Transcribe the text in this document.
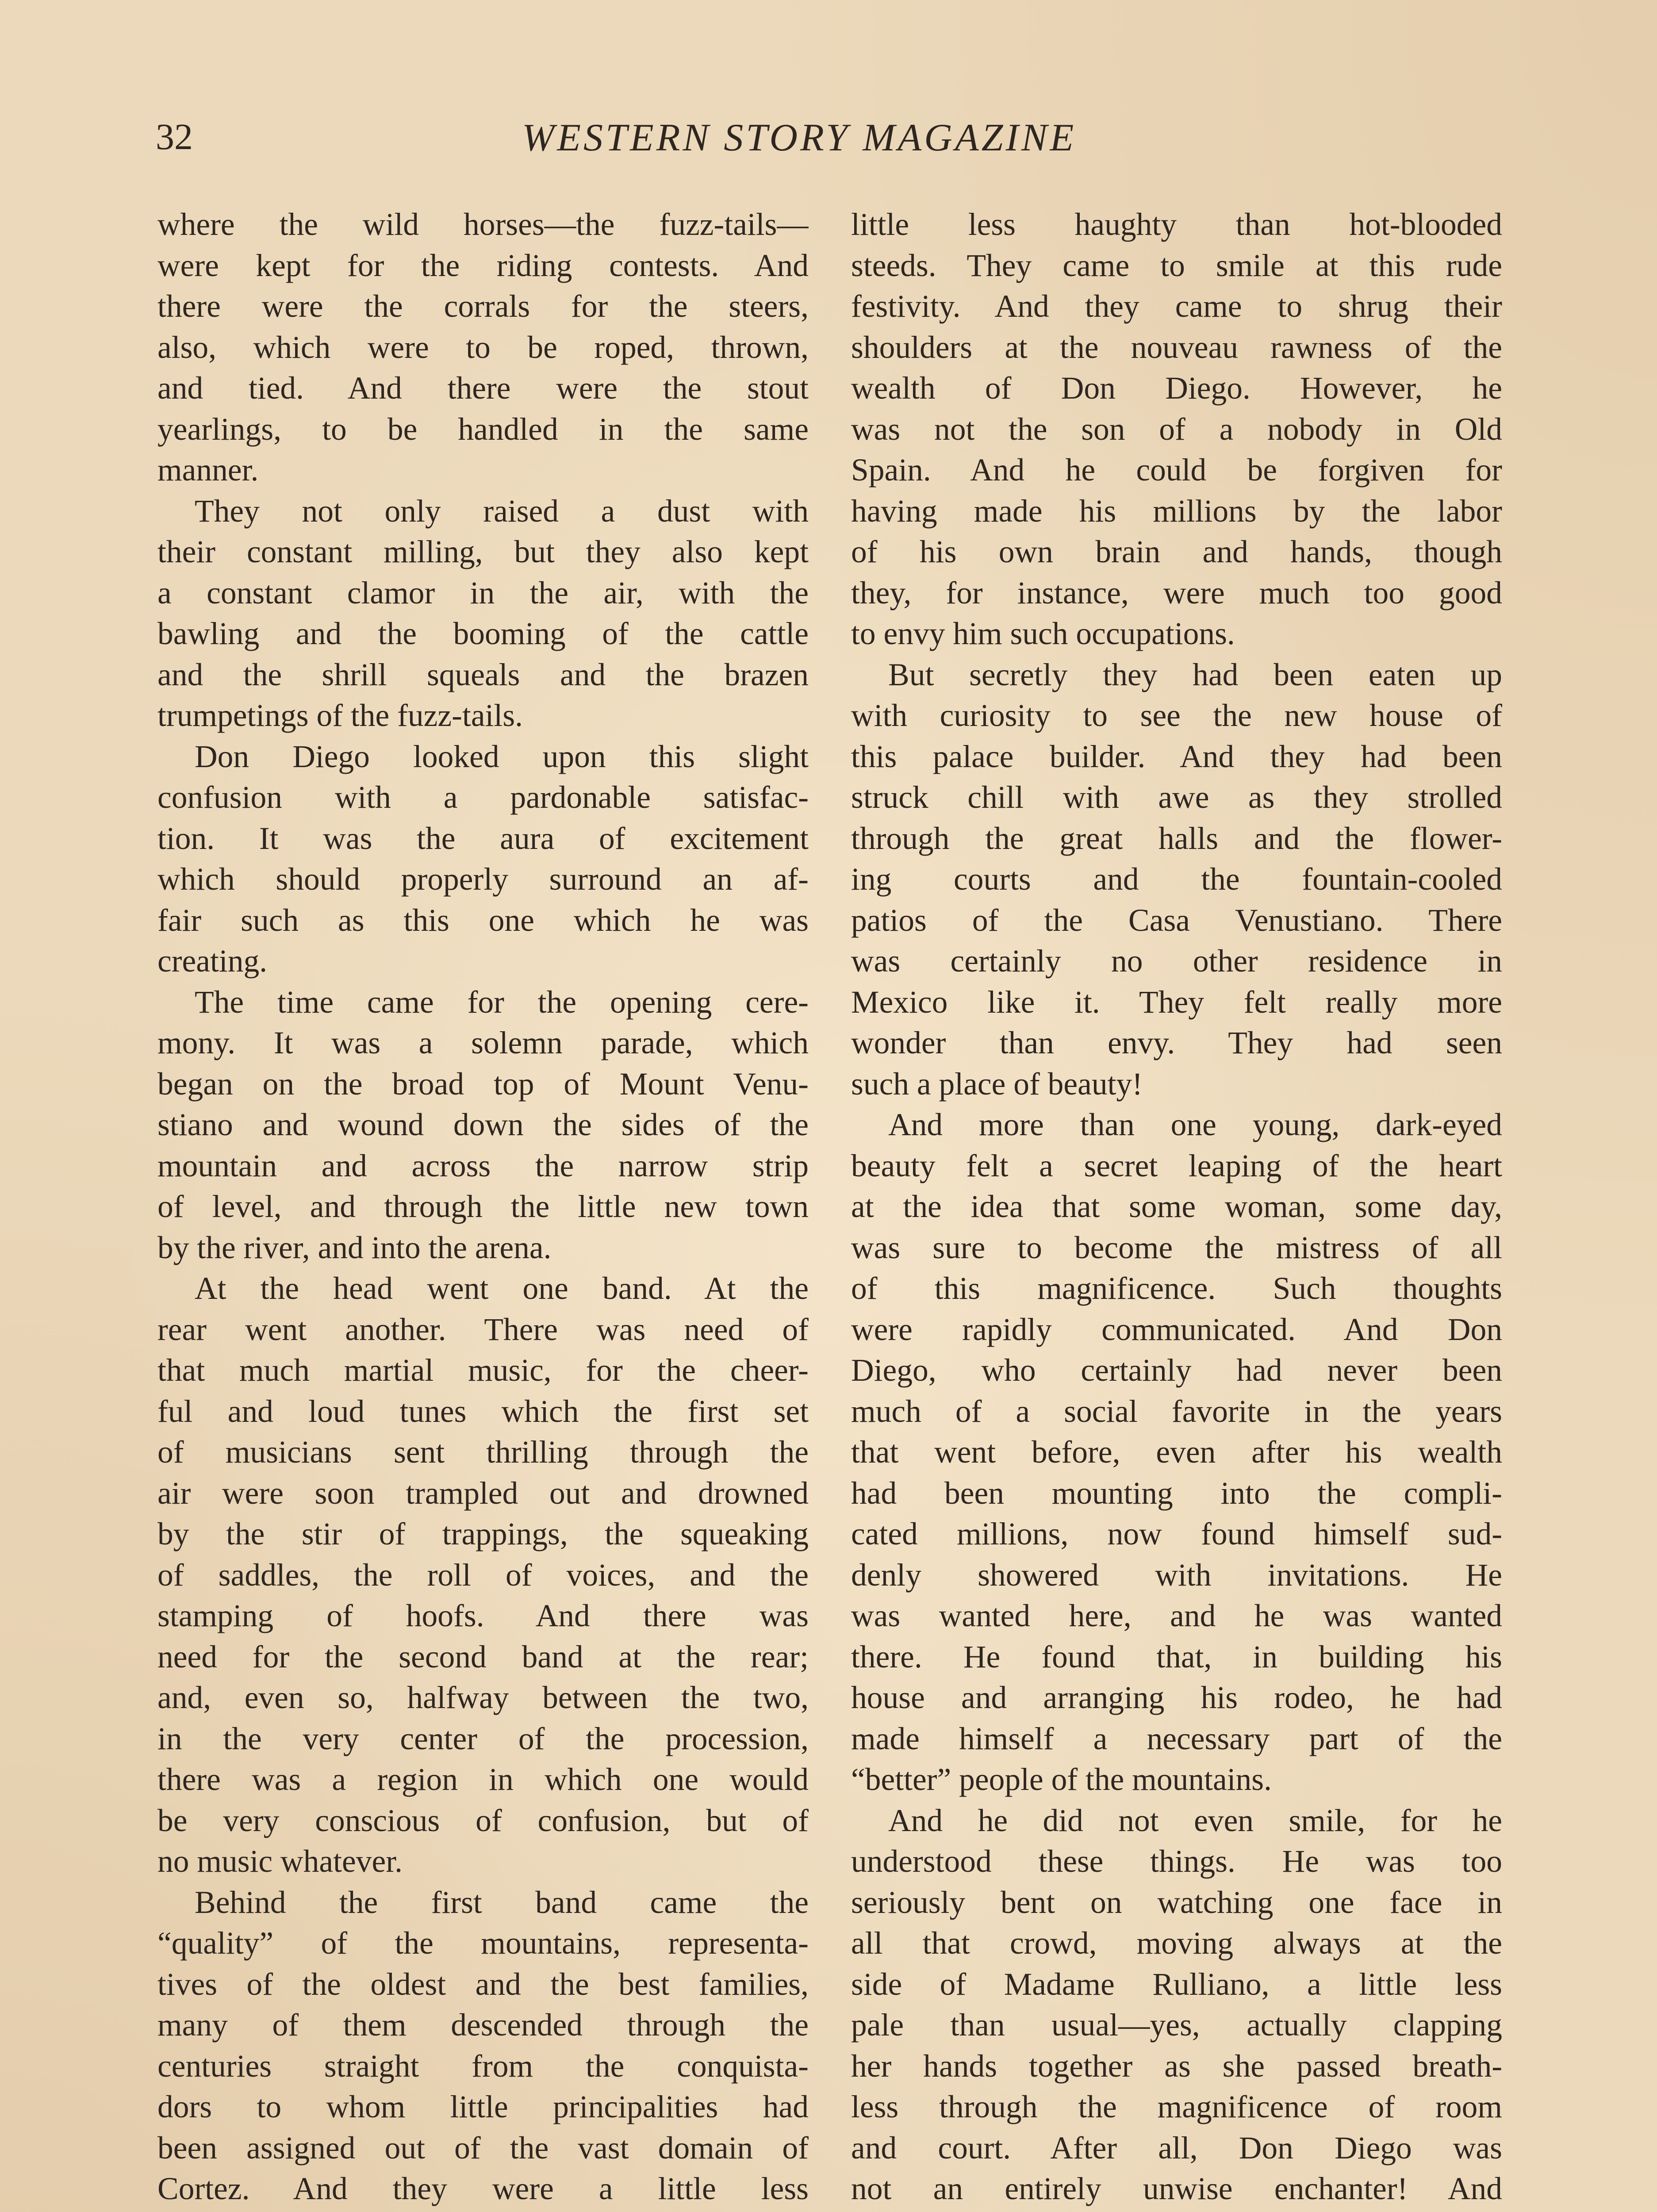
32	WESTERN STORY MAGAZINE
where the wild horses—the fuzz-tails—
were kept for the riding contests. And
there were the corrals for the steers,
also, which were to be roped, thrown,
and tied. And there were the stout
yearlings, to be handled in the same
manner.
They not only raised a dust with
their constant milling, but they also kept
a constant clamor in the air, with the
bawling and the booming of the cattle
and the shrill squeals and the brazen
trumpetings of the fuzz-tails.
Don Diego looked upon this slight
confusion with a pardonable satisfac-
tion. It was the aura of excitement
which should properly surround an af-
fair such as this one which he was
creating.
The time came for the opening cere-
mony. It was a solemn parade, which
began on the broad top of Mount Venu-
stiano and wound down the sides of the
mountain and across the narrow strip
of level, and through the little new town
by the river, and into the arena.
At the head went one band. At the
rear went another. There was need of
that much martial music, for the cheer-
ful and loud tunes which the first set
of musicians sent thrilling through the
air were soon trampled out and drowned
by the stir of trappings, the squeaking
of saddles, the roll of voices, and the
stamping of hoofs. And there was
need for the second band at the rear;
and, even so, halfway between the two,
in the very center of the procession,
there was a region in which one would
be very conscious of confusion, but of
no music whatever.
Behind the first band came the
“quality” of the mountains, representa-
tives of the oldest and the best families,
many of them descended through the
centuries straight from the conquista-
dors to whom little principalities had
been assigned out of the vast domain of
Cortez. And they were a little less
little less haughty than hot-blooded
steeds. They came to smile at this rude
festivity. And they came to shrug their
shoulders at the nouveau rawness of the
wealth of Don Diego. However, he
was not the son of a nobody in Old
Spain. And he could be forgiven for
having made his millions by the labor
of his own brain and hands, though
they, for instance, were much too good
to envy him such occupations.
But secretly they had been eaten up
with curiosity to see the new house of
this palace builder. And they had been
struck chill with awe as they strolled
through the great halls and the flower-
ing courts and the fountain-cooled
patios of the Casa Venustiano. There
was certainly no other residence in
Mexico like it. They felt really more
wonder than envy. They had seen
such a place of beauty!
And more than one young, dark-eyed
beauty felt a secret leaping of the heart
at the idea that some woman, some day,
was sure to become the mistress of all
of this magnificence. Such thoughts
were rapidly communicated. And Don
Diego, who certainly had never been
much of a social favorite in the years
that went before, even after his wealth
had been mounting into the compli-
cated millions, now found himself sud-
denly showered with invitations. He
was wanted here, and he was wanted
there. He found that, in building his
house and arranging his rodeo, he had
made himself a necessary part of the
“better” people of the mountains.
And he did not even smile, for he
understood these things. He was too
seriously bent on watching one face in
all that crowd, moving always at the
side of Madame Rulliano, a little less
pale than usual—yes, actually clapping
her hands together as she passed breath-
less through the magnificence of room
and court. After all, Don Diego was
not an entirely unwise enchanter! And
